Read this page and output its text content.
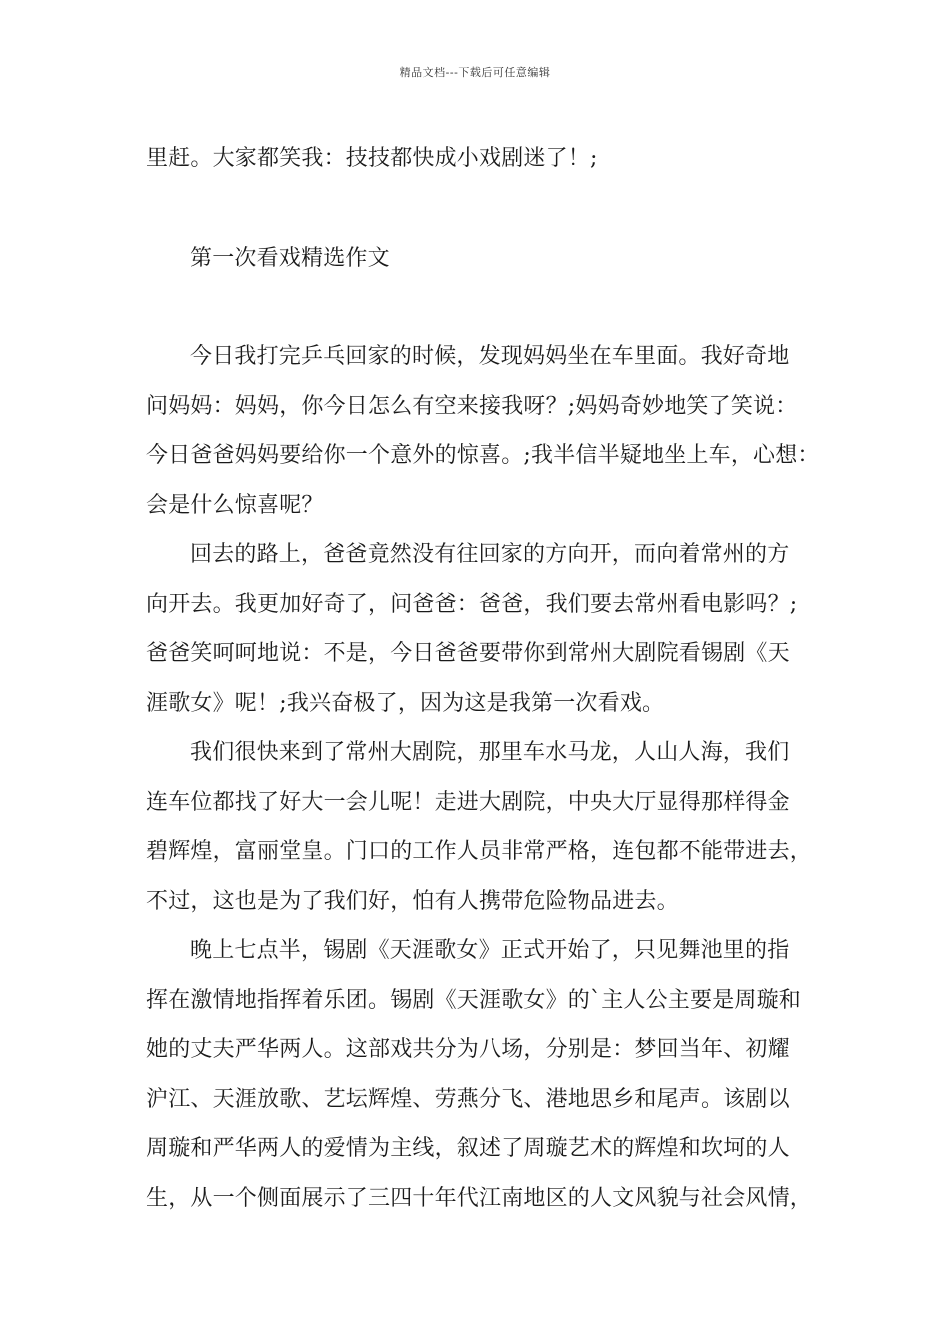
精品文档---下载后可任意编辑
里赶。大家都笑我：技技都快成小戏剧迷了！;
第一次看戏精选作文
今日我打完乒乓回家的时候，发现妈妈坐在车里面。我好奇地
问妈妈：妈妈，你今日怎么有空来接我呀？;妈妈奇妙地笑了笑说：
今日爸爸妈妈要给你一个意外的惊喜。;我半信半疑地坐上车，心想：
会是什么惊喜呢？
回去的路上，爸爸竟然没有往回家的方向开，而向着常州的方
向开去。我更加好奇了，问爸爸：爸爸，我们要去常州看电影吗？;
爸爸笑呵呵地说：不是，今日爸爸要带你到常州大剧院看锡剧《天
涯歌女》呢！;我兴奋极了，因为这是我第一次看戏。
我们很快来到了常州大剧院，那里车水马龙，人山人海，我们
连车位都找了好大一会儿呢！走进大剧院，中央大厅显得那样得金
碧辉煌，富丽堂皇。门口的工作人员非常严格，连包都不能带进去，
不过，这也是为了我们好，怕有人携带危险物品进去。
晚上七点半，锡剧《天涯歌女》正式开始了，只见舞池里的指
挥在激情地指挥着乐团。锡剧《天涯歌女》的`主人公主要是周璇和
她的丈夫严华两人。这部戏共分为八场，分别是：梦回当年、初耀
沪江、天涯放歌、艺坛辉煌、劳燕分飞、港地思乡和尾声。该剧以
周璇和严华两人的爱情为主线，叙述了周璇艺术的辉煌和坎坷的人
生，从一个侧面展示了三四十年代江南地区的人文风貌与社会风情，
